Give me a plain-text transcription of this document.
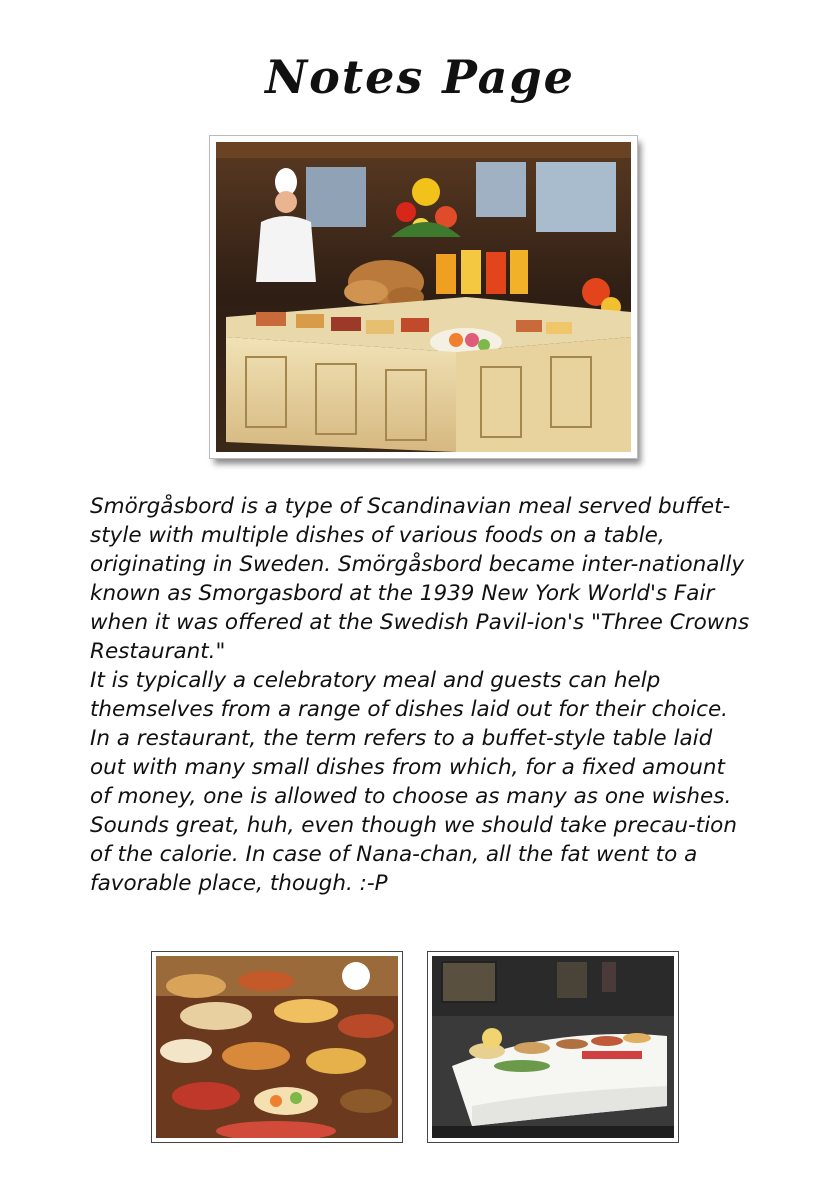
Notes Page

Smörgåsbord is a type of Scandinavian meal served buffet-style with multiple dishes of various foods on a table, originating in Sweden. Smörgåsbord became inter-nationally known as Smorgasbord at the 1939 New York World's Fair when it was offered at the Swedish Pavil-ion's "Three Crowns Restaurant."

It is typically a celebratory meal and guests can help themselves from a range of dishes laid out for their choice. In a restaurant, the term refers to a buffet-style table laid out with many small dishes from which, for a fixed amount of money, one is allowed to choose as many as one wishes.

Sounds great, huh, even though we should take precau-tion of the calorie. In case of Nana-chan, all the fat went to a favorable place, though. :-P
